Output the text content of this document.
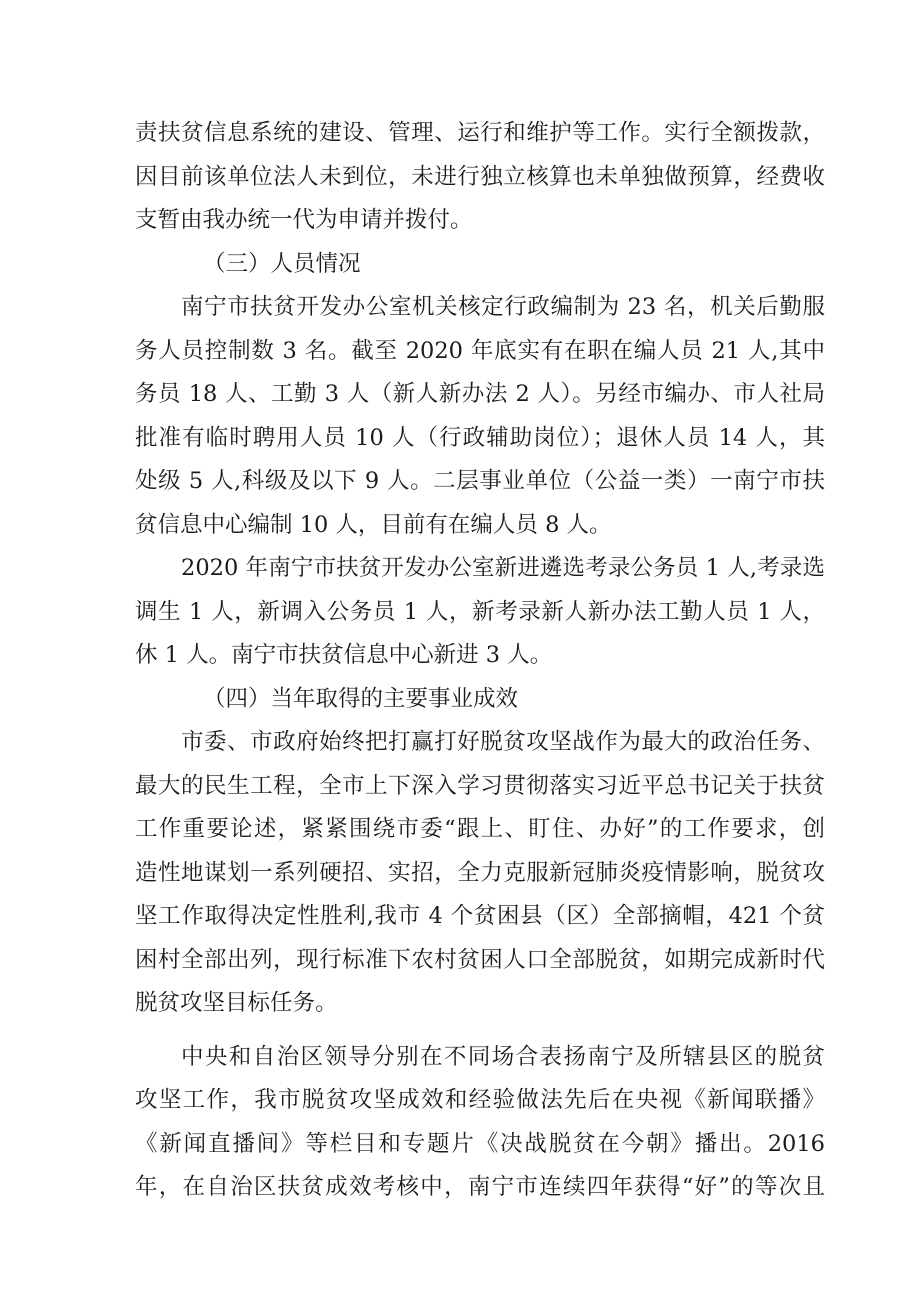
责扶贫信息系统的建设、管理、运行和维护等工作。实行全额拨款，
因目前该单位法人未到位，未进行独立核算也未单独做预算，经费收
支暂由我办统一代为申请并拨付。
（三）人员情况
南宁市扶贫开发办公室机关核定行政编制为 23 名，机关后勤服
务人员控制数 3 名。截至 2020 年底实有在职在编人员 21 人,其中
务员 18 人、工勤 3 人（新人新办法 2 人）。另经市编办、市人社局
批准有临时聘用人员 10 人（行政辅助岗位）；退休人员 14 人，其
处级 5 人,科级及以下 9 人。二层事业单位（公益一类）一南宁市扶
贫信息中心编制 10 人，目前有在编人员 8 人。
2020 年南宁市扶贫开发办公室新进遴选考录公务员 1 人,考录选
调生 1 人，新调入公务员 1 人，新考录新人新办法工勤人员 1 人，
休 1 人。南宁市扶贫信息中心新进 3 人。
（四）当年取得的主要事业成效
市委、市政府始终把打赢打好脱贫攻坚战作为最大的政治任务、
最大的民生工程，全市上下深入学习贯彻落实习近平总书记关于扶贫
工作重要论述，紧紧围绕市委“跟上、盯住、办好”的工作要求，创
造性地谋划一系列硬招、实招，全力克服新冠肺炎疫情影响，脱贫攻
坚工作取得决定性胜利,我市 4 个贫困县（区）全部摘帽，421 个贫
困村全部出列，现行标准下农村贫困人口全部脱贫，如期完成新时代
脱贫攻坚目标任务。
中央和自治区领导分别在不同场合表扬南宁及所辖县区的脱贫
攻坚工作，我市脱贫攻坚成效和经验做法先后在央视《新闻联播》
《新闻直播间》等栏目和专题片《决战脱贫在今朝》播出。2016
年，在自治区扶贫成效考核中，南宁市连续四年获得“好”的等次且
